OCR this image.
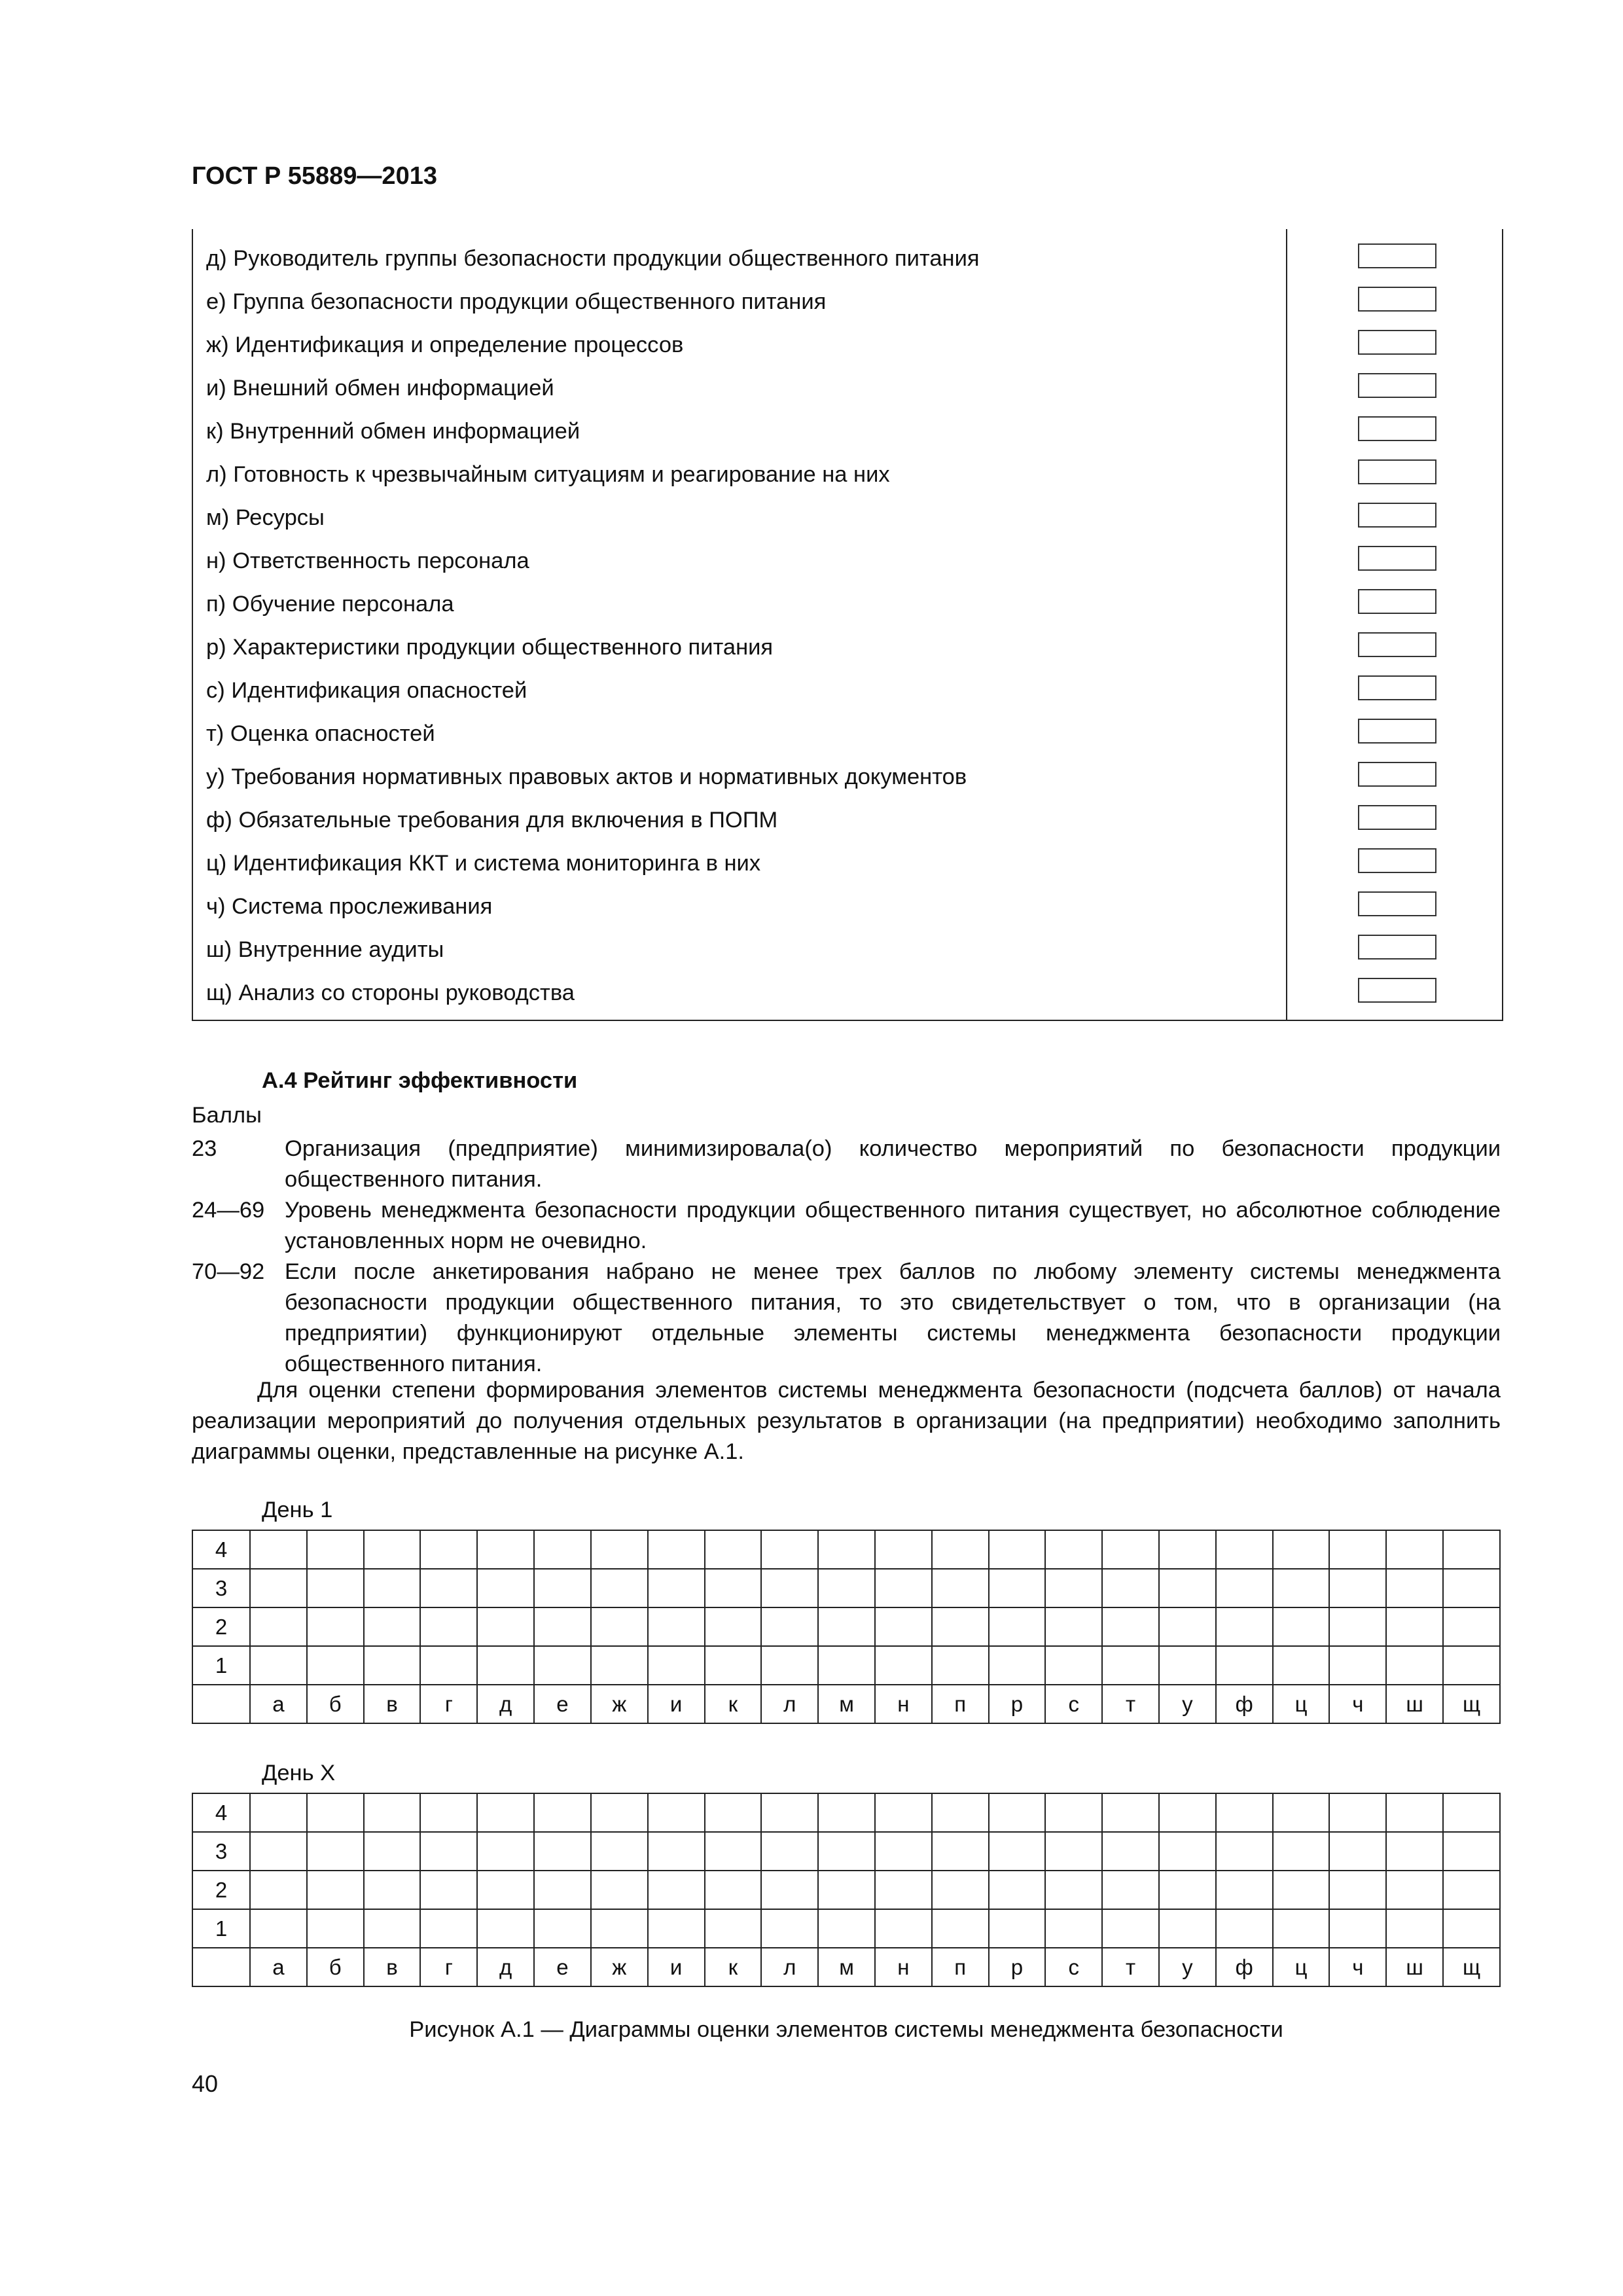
ГОСТ Р 55889—2013
д) Руководитель группы безопасности продукции общественного питания
е) Группа безопасности продукции общественного питания
ж) Идентификация и определение процессов
и) Внешний обмен информацией
к) Внутренний обмен информацией
л) Готовность к чрезвычайным ситуациям и реагирование на них
м) Ресурсы
н) Ответственность персонала
п) Обучение персонала
р) Характеристики продукции общественного питания
с) Идентификация опасностей
т) Оценка опасностей
у) Требования нормативных правовых актов и нормативных документов
ф) Обязательные требования для включения в ПОПМ
ц) Идентификация ККТ и система мониторинга в них
ч) Система прослеживания
ш) Внутренние аудиты
щ) Анализ со стороны руководства
А.4 Рейтинг эффективности
Баллы
23	Организация (предприятие) минимизировала(о) количество мероприятий по безопасности продукции общественного питания.
24—69 Уровень менеджмента безопасности продукции общественного питания существует, но абсолютное соблюдение установленных норм не очевидно.
70—92 Если после анкетирования набрано не менее трех баллов по любому элементу системы менеджмента безопасности продукции общественного питания, то это свидетельствует о том, что в организации (на предприятии) функционируют отдельные элементы системы менеджмента безопасности продукции общественного питания.
Для оценки степени формирования элементов системы менеджмента безопасности (подсчета баллов) от начала реализации мероприятий до получения отдельных результатов в организации (на предприятии) необходимо заполнить диаграммы оценки, представленные на рисунке А.1.
День 1
4																						
3																						
2																						
1																						
	а	б	в	г	д	е	ж	и	к	л	м	н	п	р	с	т	у	ф	ц	ч	ш	щ
День Х
4																						
3																						
2																						
1																						
	а	б	в	г	д	е	ж	и	к	л	м	н	п	р	с	т	у	ф	ц	ч	ш	щ
Рисунок А.1 — Диаграммы оценки элементов системы менеджмента безопасности
40
